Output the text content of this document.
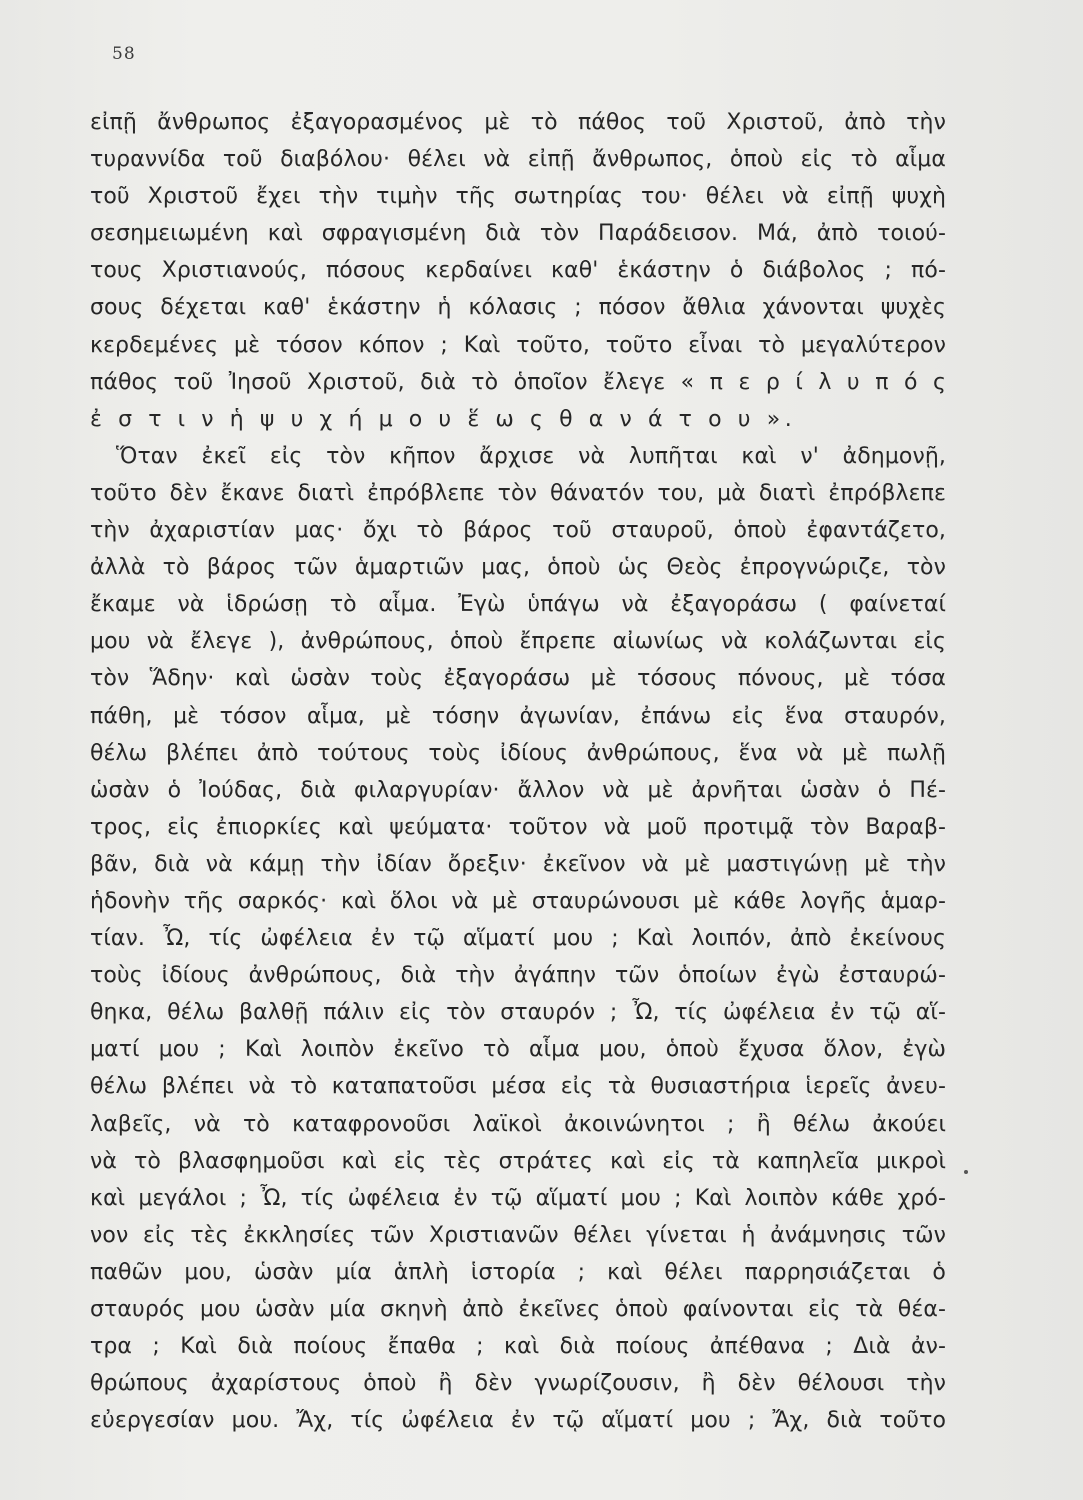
58
εἰπῇ ἄνθρωπος ἐξαγορασμένος μὲ τὸ πάθος τοῦ Χριστοῦ, ἀπὸ τὴν
τυραννίδα τοῦ διαβόλου· θέλει νὰ εἰπῇ ἄνθρωπος, ὁποὺ εἰς τὸ αἷμα
τοῦ Χριστοῦ ἔχει τὴν τιμὴν τῆς σωτηρίας του· θέλει νὰ εἰπῇ ψυχὴ
σεσημειωμένη καὶ σφραγισμένη διὰ τὸν Παράδεισον. Μά, ἀπὸ τοιού-
τους Χριστιανούς, πόσους κερδαίνει καθ' ἑκάστην ὁ διάβολος ; πό-
σους δέχεται καθ' ἑκάστην ἡ κόλασις ; πόσον ἄθλια χάνονται ψυχὲς
κερδεμένες μὲ τόσον κόπον ; Καὶ τοῦτο, τοῦτο εἶναι τὸ μεγαλύτερον
πάθος τοῦ Ἰησοῦ Χριστοῦ, διὰ τὸ ὁποῖον ἔλεγε « π ε ρ ί λ υ π ό ς
ἐ σ τ ι ν ἡ ψ υ χ ή μ ο υ ἕ ω ς θ α ν ά τ ο υ ».
Ὅταν ἐκεῖ εἰς τὸν κῆπον ἄρχισε νὰ λυπῆται καὶ ν' ἀδημονῇ,
τοῦτο δὲν ἔκανε διατὶ ἐπρόβλεπε τὸν θάνατόν του, μὰ διατὶ ἐπρόβλεπε
τὴν ἀχαριστίαν μας· ὄχι τὸ βάρος τοῦ σταυροῦ, ὁποὺ ἐφαντάζετο,
ἀλλὰ τὸ βάρος τῶν ἁμαρτιῶν μας, ὁποὺ ὡς Θεὸς ἐπρογνώριζε, τὸν
ἔκαμε νὰ ἱδρώσῃ τὸ αἷμα. Ἐγὼ ὑπάγω νὰ ἐξαγοράσω ( φαίνεταί
μου νὰ ἔλεγε ), ἀνθρώπους, ὁποὺ ἔπρεπε αἰωνίως νὰ κολάζωνται εἰς
τὸν Ἅδην· καὶ ὡσὰν τοὺς ἐξαγοράσω μὲ τόσους πόνους, μὲ τόσα
πάθη, μὲ τόσον αἷμα, μὲ τόσην ἀγωνίαν, ἐπάνω εἰς ἕνα σταυρόν,
θέλω βλέπει ἀπὸ τούτους τοὺς ἰδίους ἀνθρώπους, ἕνα νὰ μὲ πωλῇ
ὡσὰν ὁ Ἰούδας, διὰ φιλαργυρίαν· ἄλλον νὰ μὲ ἀρνῆται ὡσὰν ὁ Πέ-
τρος, εἰς ἐπιορκίες καὶ ψεύματα· τοῦτον νὰ μοῦ προτιμᾷ τὸν Βαραβ-
βᾶν, διὰ νὰ κάμῃ τὴν ἰδίαν ὄρεξιν· ἐκεῖνον νὰ μὲ μαστιγώνῃ μὲ τὴν
ἡδονὴν τῆς σαρκός· καὶ ὅλοι νὰ μὲ σταυρώνουσι μὲ κάθε λογῆς ἁμαρ-
τίαν. Ὦ, τίς ὠφέλεια ἐν τῷ αἵματί μου ; Καὶ λοιπόν, ἀπὸ ἐκείνους
τοὺς ἰδίους ἀνθρώπους, διὰ τὴν ἀγάπην τῶν ὁποίων ἐγὼ ἐσταυρώ-
θηκα, θέλω βαλθῇ πάλιν εἰς τὸν σταυρόν ; Ὦ, τίς ὠφέλεια ἐν τῷ αἵ-
ματί μου ; Καὶ λοιπὸν ἐκεῖνο τὸ αἷμα μου, ὁποὺ ἔχυσα ὅλον, ἐγὼ
θέλω βλέπει νὰ τὸ καταπατοῦσι μέσα εἰς τὰ θυσιαστήρια ἱερεῖς ἀνευ-
λαβεῖς, νὰ τὸ καταφρονοῦσι λαϊκοὶ ἀκοινώνητοι ; ἢ θέλω ἀκούει
νὰ τὸ βλασφημοῦσι καὶ εἰς τὲς στράτες καὶ εἰς τὰ καπηλεῖα μικροὶ
καὶ μεγάλοι ; Ὦ, τίς ὠφέλεια ἐν τῷ αἵματί μου ; Καὶ λοιπὸν κάθε χρό-
νον εἰς τὲς ἐκκλησίες τῶν Χριστιανῶν θέλει γίνεται ἡ ἀνάμνησις τῶν
παθῶν μου, ὡσὰν μία ἁπλὴ ἱστορία ; καὶ θέλει παρρησιάζεται ὁ
σταυρός μου ὡσὰν μία σκηνὴ ἀπὸ ἐκεῖνες ὁποὺ φαίνονται εἰς τὰ θέα-
τρα ; Καὶ διὰ ποίους ἔπαθα ; καὶ διὰ ποίους ἀπέθανα ; Διὰ ἀν-
θρώπους ἀχαρίστους ὁποὺ ἢ δὲν γνωρίζουσιν, ἢ δὲν θέλουσι τὴν
εὐεργεσίαν μου. Ἄχ, τίς ὠφέλεια ἐν τῷ αἵματί μου ; Ἄχ, διὰ τοῦτο
